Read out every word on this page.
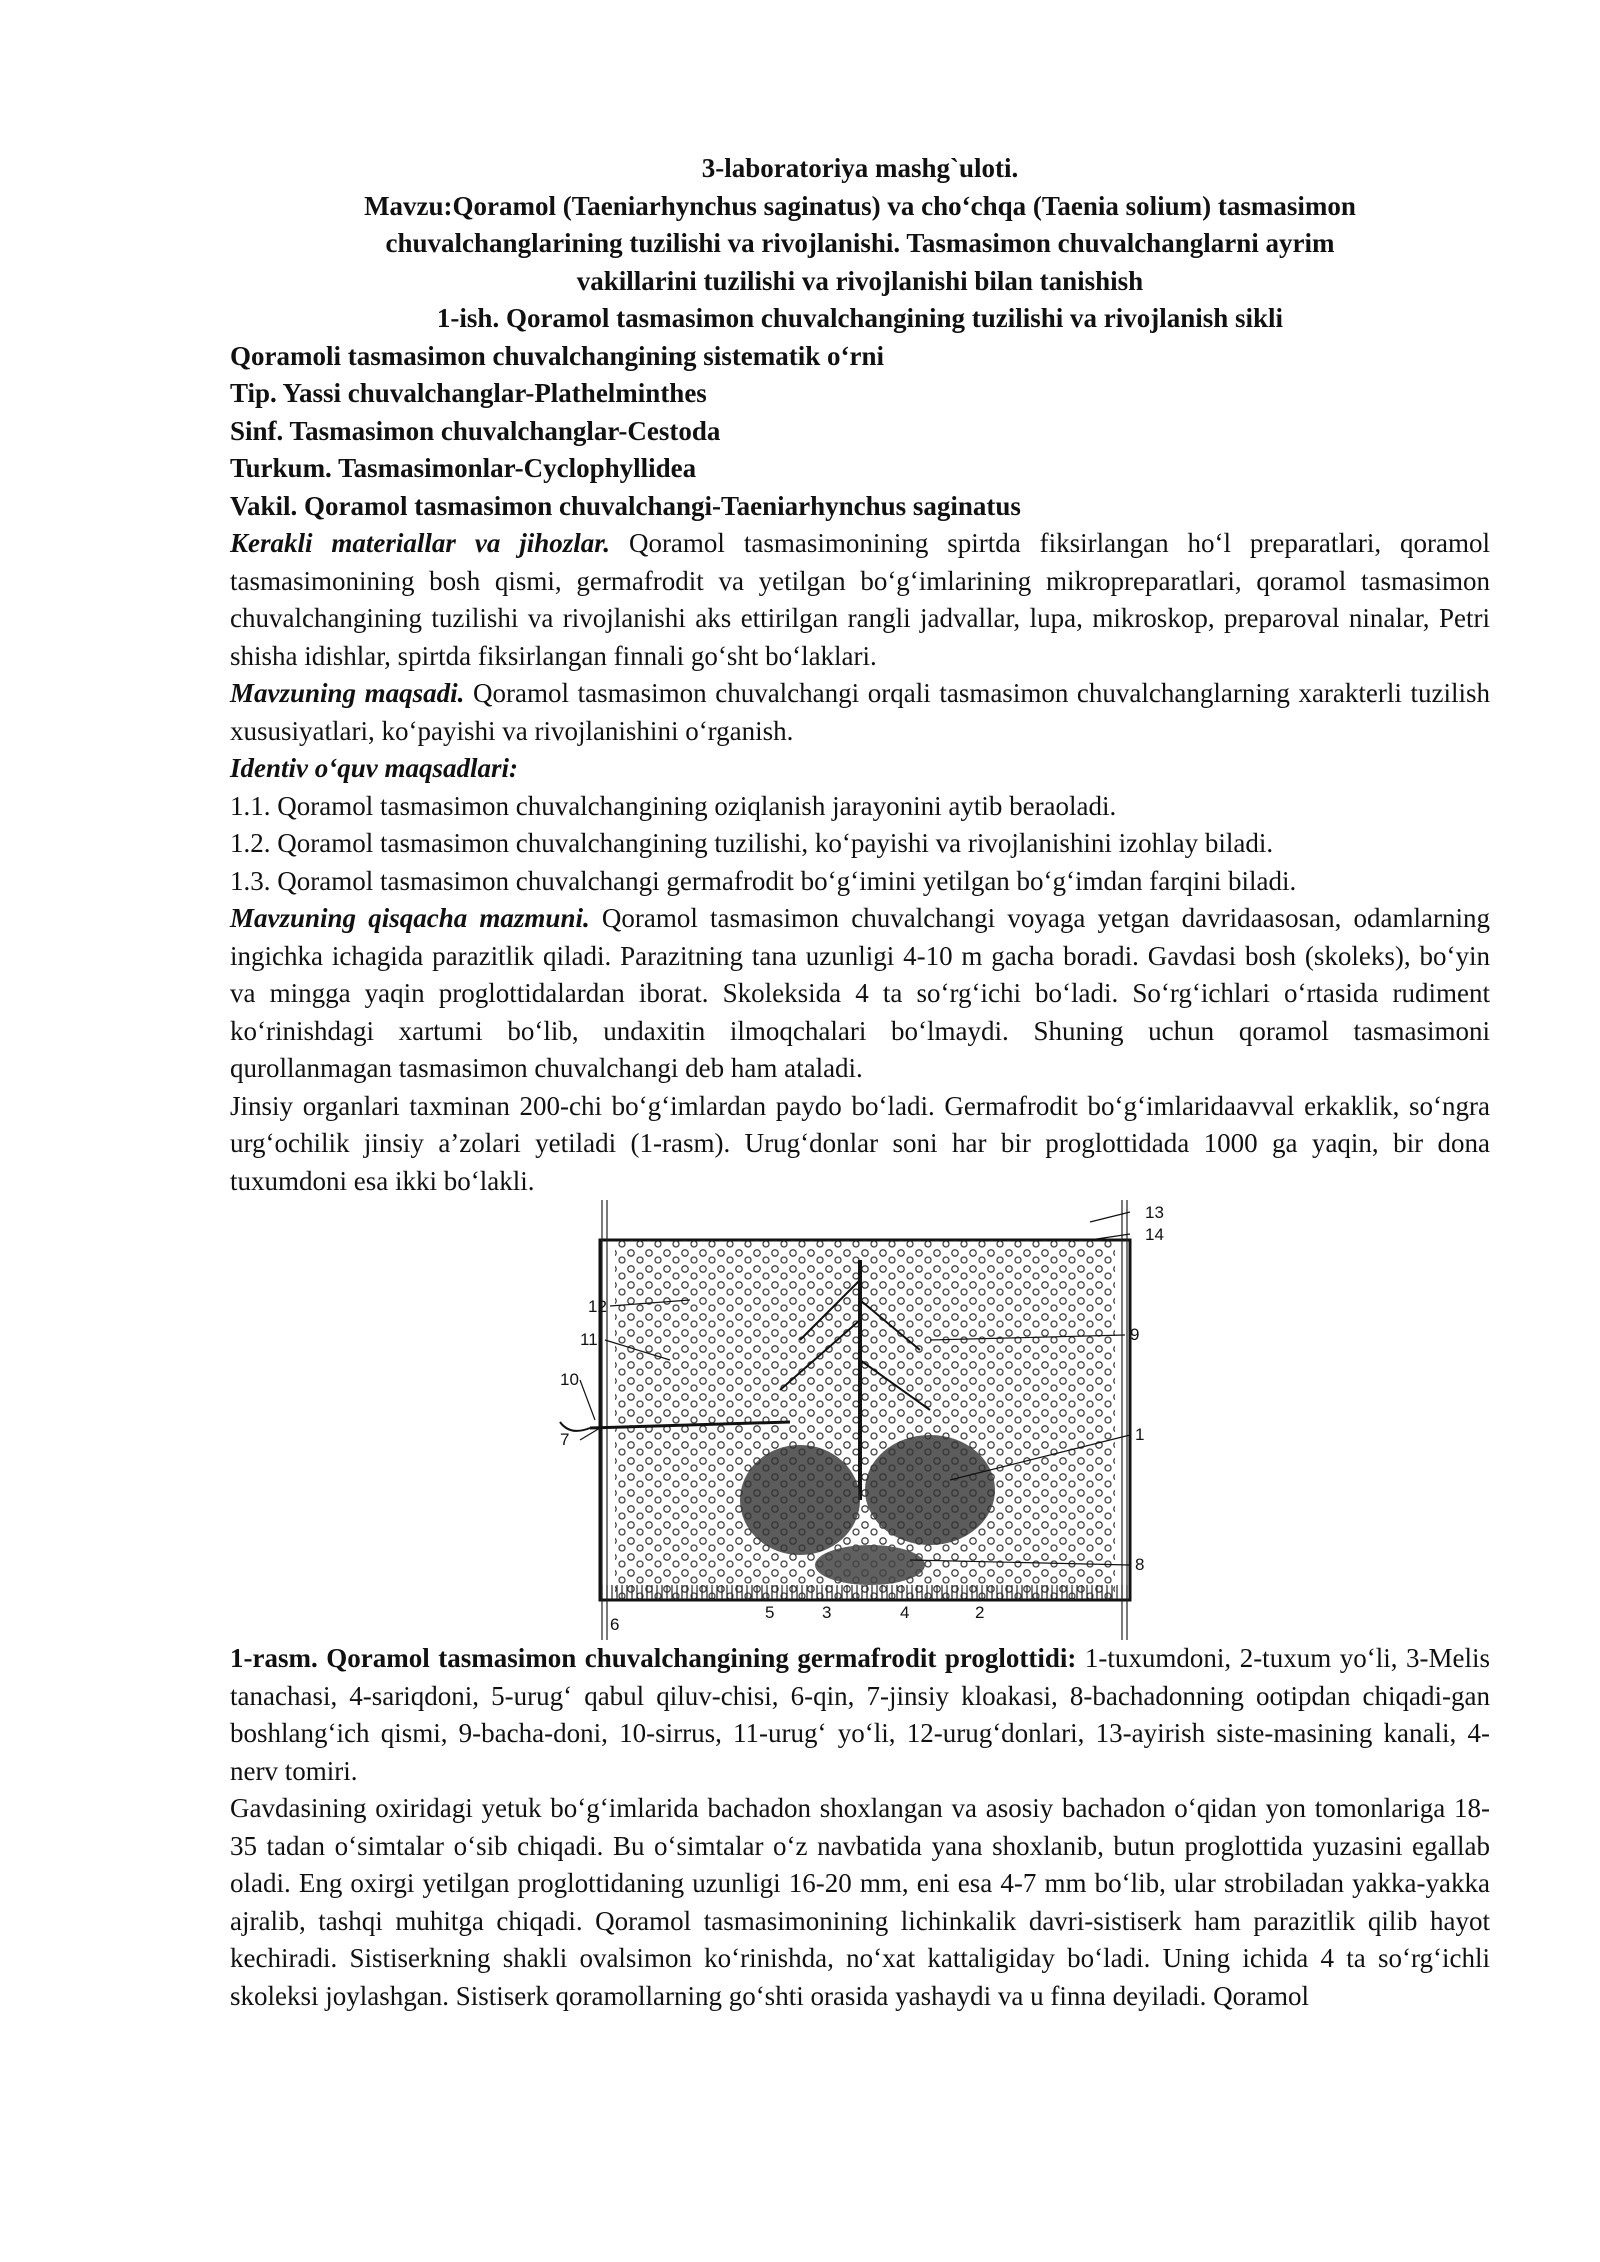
3-laboratoriya mashg`uloti.
Mavzu:Qoramol (Taeniarhynchus saginatus) va cho‘chqa (Taenia solium) tasmasimon
chuvalchanglarining tuzilishi va rivojlanishi. Tasmasimon chuvalchanglarni ayrim
vakillarini tuzilishi va rivojlanishi bilan tanishish
1-ish. Qoramol tasmasimon chuvalchangining tuzilishi va rivojlanish sikli
Qoramoli tasmasimon chuvalchangining sistematik o‘rni
Tip. Yassi chuvalchanglar-Plathelminthes
Sinf. Tasmasimon chuvalchanglar-Cestoda
Turkum. Tasmasimonlar-Cyclophyllidea
Vakil. Qoramol tasmasimon chuvalchangi-Taeniarhynchus saginatus

Kerakli materiallar va jihozlar. Qoramol tasmasimonining spirtda fiksirlangan ho‘l preparatlari, qoramol tasmasimonining bosh qismi, germafrodit va yetilgan bo‘g‘imlarining mikropreparatlari, qoramol tasmasimon chuvalchangining tuzilishi va rivojlanishi aks ettirilgan rangli jadvallar, lupa, mikroskop, preparoval ninalar, Petri shisha idishlar, spirtda fiksirlangan finnali go‘sht bo‘laklari.

Mavzuning maqsadi. Qoramol tasmasimon chuvalchangi orqali tasmasimon chuvalchanglarning xarakterli tuzilish xususiyatlari, ko‘payishi va rivojlanishini o‘rganish.

Identiv o‘quv maqsadlari:
1.1. Qoramol tasmasimon chuvalchangining oziqlanish jarayonini aytib beraoladi.
1.2. Qoramol tasmasimon chuvalchangining tuzilishi, ko‘payishi va rivojlanishini izohlay biladi.
1.3. Qoramol tasmasimon chuvalchangi germafrodit bo‘g‘imini yetilgan bo‘g‘imdan farqini biladi.

Mavzuning qisqacha mazmuni. Qoramol tasmasimon chuvalchangi voyaga yetgan davridaasosan, odamlarning ingichka ichagida parazitlik qiladi. Parazitning tana uzunligi 4-10 m gacha boradi. Gavdasi bosh (skoleks), bo‘yin va mingga yaqin proglottidalardan iborat. Skoleksida 4 ta so‘rg‘ichi bo‘ladi. So‘rg‘ichlari o‘rtasida rudiment ko‘rinishdagi xartumi bo‘lib, undaxitin ilmoqchalari bo‘lmaydi. Shuning uchun qoramol tasmasimoni qurollanmagan tasmasimon chuvalchangi deb ham ataladi.

Jinsiy organlari taxminan 200-chi bo‘g‘imlardan paydo bo‘ladi. Germafrodit bo‘g‘imlaridaavval erkaklik, so‘ngra urg‘ochilik jinsiy a’zolari yetiladi (1-rasm). Urug‘donlar soni har bir proglottidada 1000 ga yaqin, bir dona tuxumdoni esa ikki bo‘lakli.

13
14
12
11
10
7
9
1
8
6
5	3	4	2

1-rasm. Qoramol tasmasimon chuvalchangining germafrodit proglottidi: 1-tuxumdoni, 2-tuxum yo‘li, 3-Melis tanachasi, 4-sariqdoni, 5-urug‘ qabul qiluv-chisi, 6-qin, 7-jinsiy kloakasi, 8-bachadonning ootipdan chiqadi-gan boshlang‘ich qismi, 9-bacha-doni, 10-sirrus, 11-urug‘ yo‘li, 12-urug‘donlari, 13-ayirish siste-masining kanali, 4-nerv tomiri.

Gavdasining oxiridagi yetuk bo‘g‘imlarida bachadon shoxlangan va asosiy bachadon o‘qidan yon tomonlariga 18-35 tadan o‘simtalar o‘sib chiqadi. Bu o‘simtalar o‘z navbatida yana shoxlanib, butun proglottida yuzasini egallab oladi. Eng oxirgi yetilgan proglottidaning uzunligi 16-20 mm, eni esa 4-7 mm bo‘lib, ular strobiladan yakka-yakka ajralib, tashqi muhitga chiqadi. Qoramol tasmasimonining lichinkalik davri-sistiserk ham parazitlik qilib hayot kechiradi. Sistiserkning shakli ovalsimon ko‘rinishda, no‘xat kattaligiday bo‘ladi. Uning ichida 4 ta so‘rg‘ichli skoleksi joylashgan. Sistiserk qoramollarning go‘shti orasida yashaydi va u finna deyiladi. Qoramol
